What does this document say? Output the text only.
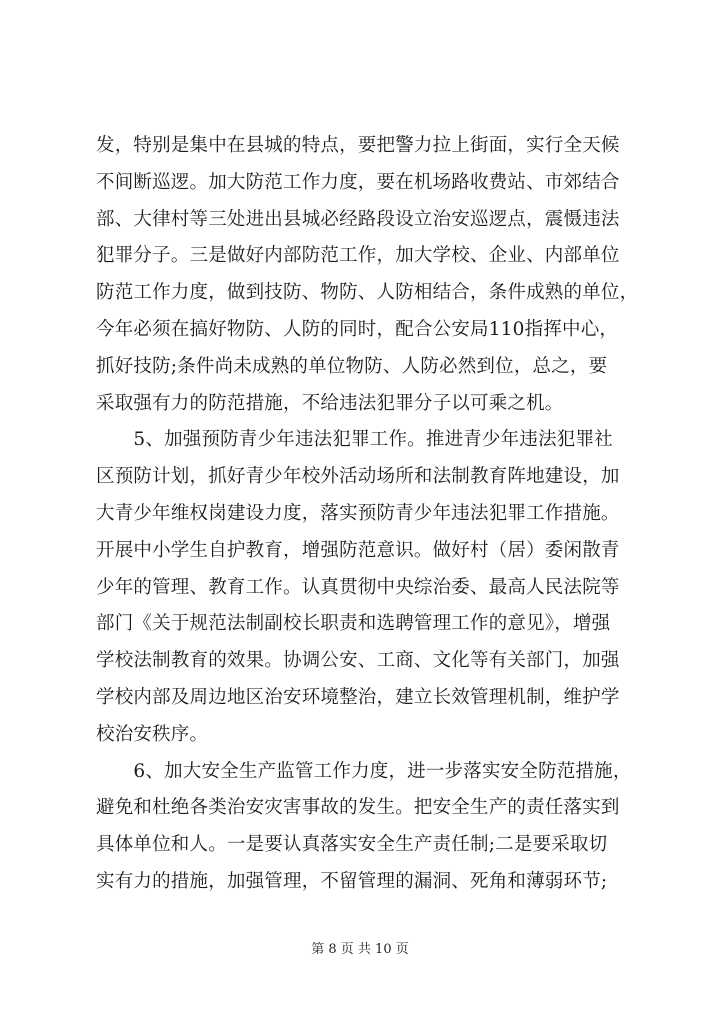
发，特别是集中在县城的特点，要把警力拉上街面，实行全天候
不间断巡逻。加大防范工作力度，要在机场路收费站、市郊结合
部、大律村等三处进出县城必经路段设立治安巡逻点，震慑违法
犯罪分子。三是做好内部防范工作，加大学校、企业、内部单位
防范工作力度，做到技防、物防、人防相结合，条件成熟的单位，
今年必须在搞好物防、人防的同时，配合公安局110指挥中心，
抓好技防;条件尚未成熟的单位物防、人防必然到位，总之，要
采取强有力的防范措施，不给违法犯罪分子以可乘之机。

　　5、加强预防青少年违法犯罪工作。推进青少年违法犯罪社
区预防计划，抓好青少年校外活动场所和法制教育阵地建设，加
大青少年维权岗建设力度，落实预防青少年违法犯罪工作措施。
开展中小学生自护教育，增强防范意识。做好村（居）委闲散青
少年的管理、教育工作。认真贯彻中央综治委、最高人民法院等
部门《关于规范法制副校长职责和选聘管理工作的意见》，增强
学校法制教育的效果。协调公安、工商、文化等有关部门，加强
学校内部及周边地区治安环境整治，建立长效管理机制，维护学
校治安秩序。

　　6、加大安全生产监管工作力度，进一步落实安全防范措施，
避免和杜绝各类治安灾害事故的发生。把安全生产的责任落实到
具体单位和人。一是要认真落实安全生产责任制;二是要采取切
实有力的措施，加强管理，不留管理的漏洞、死角和薄弱环节;

第 8 页 共 10 页
